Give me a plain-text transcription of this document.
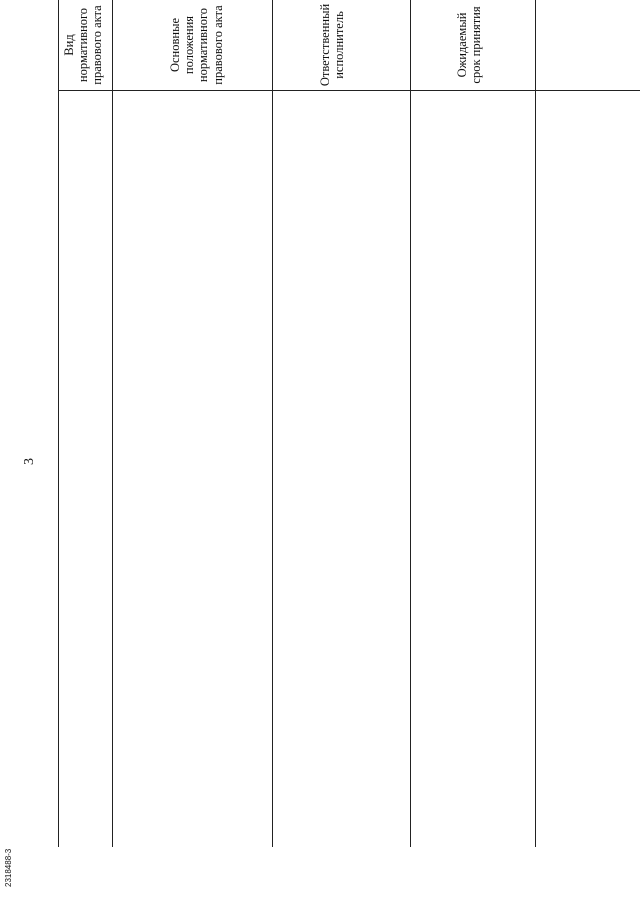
3
2318488-3
Вид нормативного правового акта	Основные положения нормативного правового акта	Ответственный исполнитель	Ожидаемый срок принятия
